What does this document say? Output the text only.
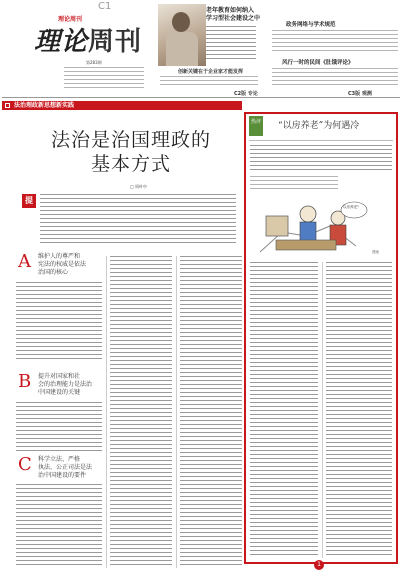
C1
理论周刊
理论周刊
第283期
老年教育如何纳入
学习型社会建设之中
创新关键在于企业家才能发挥
C2版 专论
政务网络与学术规范
风行一时的民间《肚饿评论》
C3版 观测
法治理政新思想新实践
法治是治国理政的
基本方式
□ 周叶中
提
A 维护人的尊严和
宪法的权威是依法
治国的核心
B 提升对国家和社
会的治理能力是法治
中国建设的关键
C 科学立法、严格
执法、公正司法是法
治中国建设的要件
热评 “以房养老”为何遇冷
以房养老？
漫画
1
